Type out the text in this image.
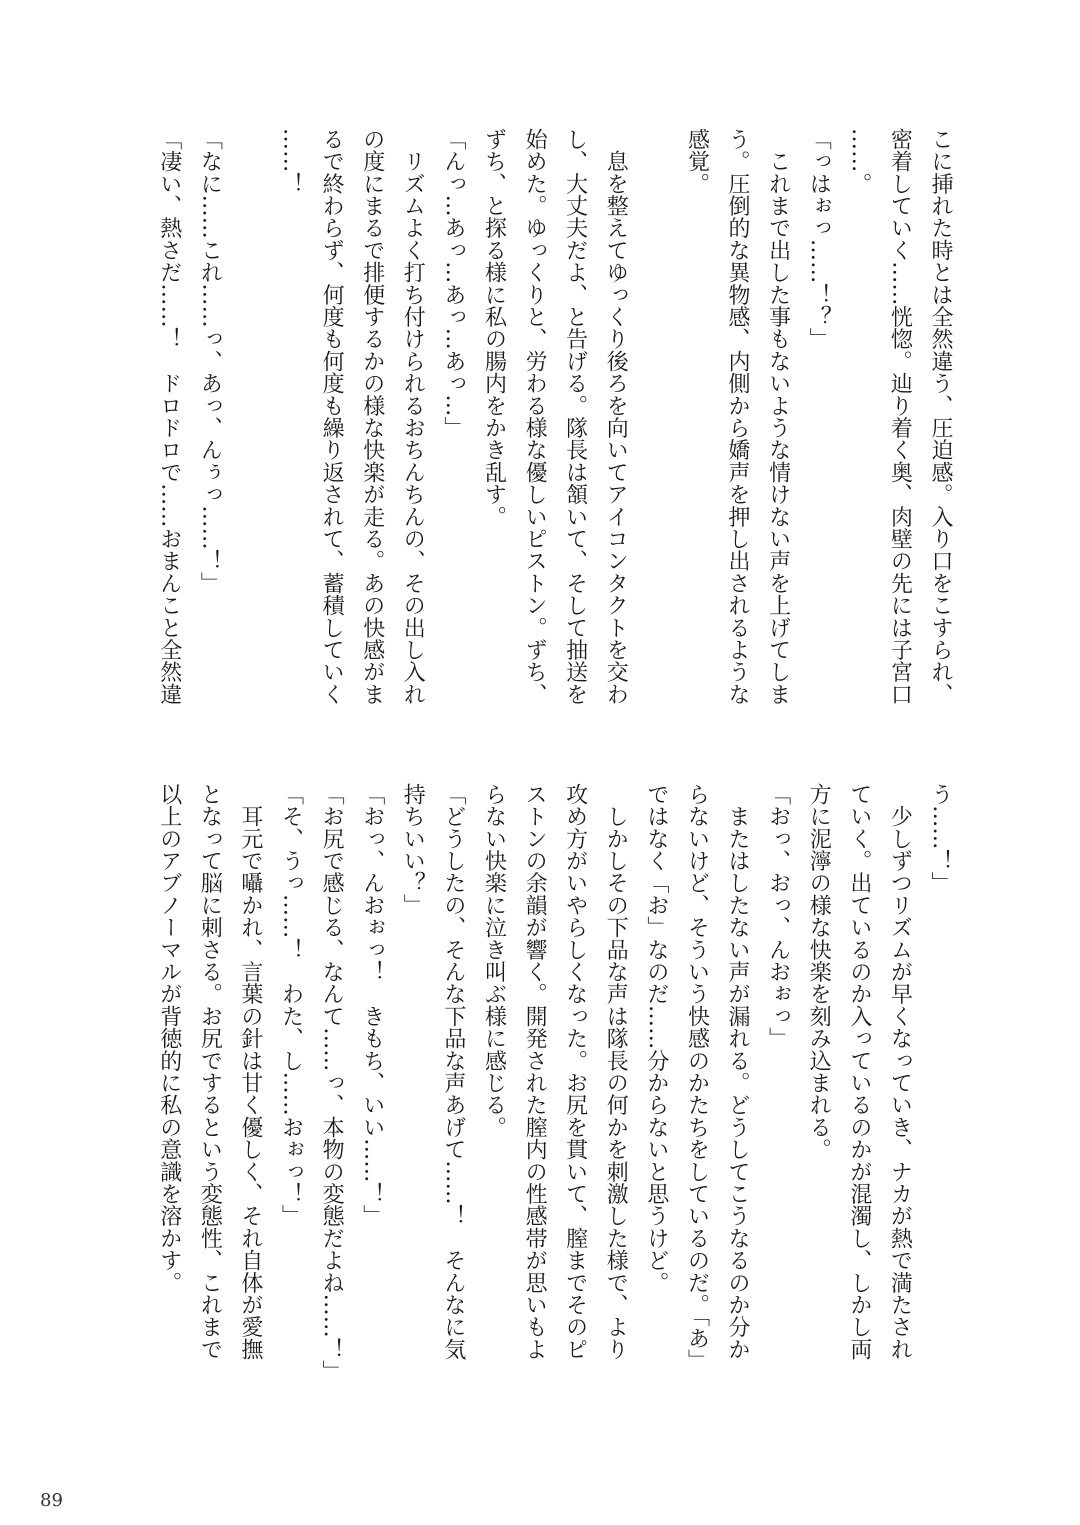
こに挿れた時とは全然違う、圧迫感。入り口をこすられ、
密着していく……恍惚。辿り着く奥、肉壁の先には子宮口
……。
「っはぉっ……！？」
　これまで出した事もないような情けない声を上げてしま
う。圧倒的な異物感、内側から嬌声を押し出されるような
感覚。
　息を整えてゆっくり後ろを向いてアイコンタクトを交わ
し、大丈夫だよ、と告げる。隊長は頷いて、そして抽送を
始めた。ゆっくりと、労わる様な優しいピストン。ずち、
ずち、と探る様に私の腸内をかき乱す。
「んっ…あっ…あっ…あっ…」
　リズムよく打ち付けられるおちんちんの、その出し入れ
の度にまるで排便するかの様な快楽が走る。あの快感がま
るで終わらず、何度も何度も繰り返されて、蓄積していく
……！
「なに……これ……っ、あっ、んぅっ……！」
「凄い、熱さだ……！　ドロドロで……おまんこと全然違
う……！」
　少しずつリズムが早くなっていき、ナカが熱で満たされ
ていく。出ているのか入っているのかが混濁し、しかし両
方に泥濘の様な快楽を刻み込まれる。
「おっ、おっ、んおぉっ」
　またはしたない声が漏れる。どうしてこうなるのか分か
らないけど、そういう快感のかたちをしているのだ。「あ」
ではなく「お」なのだ……分からないと思うけど。
　しかしその下品な声は隊長の何かを刺激した様で、より
攻め方がいやらしくなった。お尻を貫いて、膣までそのピ
ストンの余韻が響く。開発された膣内の性感帯が思いもよ
らない快楽に泣き叫ぶ様に感じる。
「どうしたの、そんな下品な声あげて……！　そんなに気
持ちいい？」
「おっ、んおぉっ！　きもち、いい……！」
「お尻で感じる、なんて……っ、本物の変態だよね……！」
「そ、うっ……！　わた、し……おぉっ！」
　耳元で囁かれ、言葉の針は甘く優しく、それ自体が愛撫
となって脳に刺さる。お尻でするという変態性、これまで
以上のアブノーマルが背徳的に私の意識を溶かす。
89
